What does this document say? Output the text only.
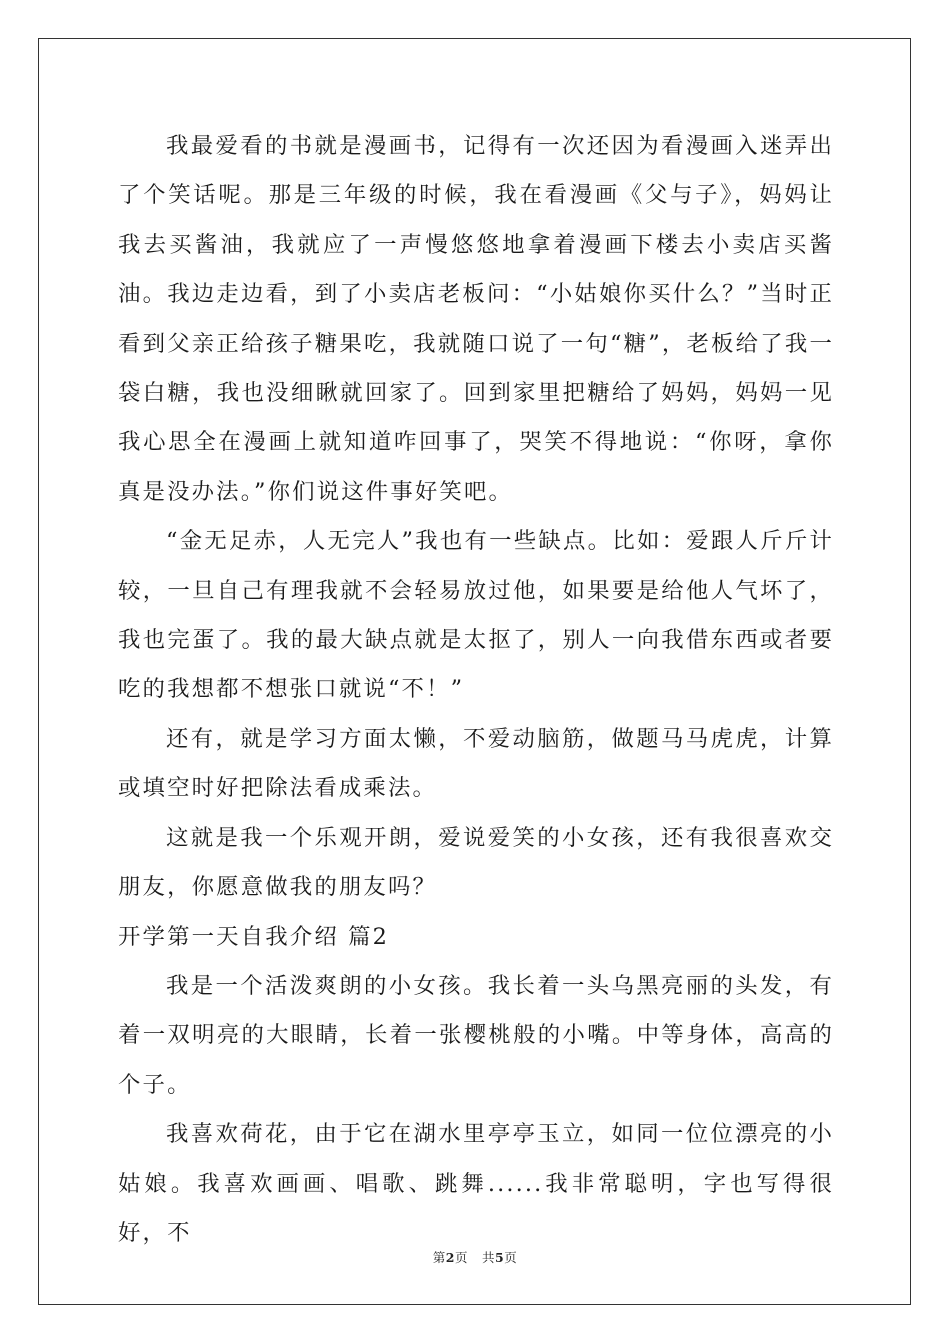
我最爱看的书就是漫画书，记得有一次还因为看漫画入迷弄出了个笑话呢。那是三年级的时候，我在看漫画《父与子》，妈妈让我去买酱油，我就应了一声慢悠悠地拿着漫画下楼去小卖店买酱油。我边走边看，到了小卖店老板问：“小姑娘你买什么？”当时正看到父亲正给孩子糖果吃，我就随口说了一句“糖”，老板给了我一袋白糖，我也没细瞅就回家了。回到家里把糖给了妈妈，妈妈一见我心思全在漫画上就知道咋回事了，哭笑不得地说：“你呀，拿你真是没办法。”你们说这件事好笑吧。

“金无足赤，人无完人”我也有一些缺点。比如：爱跟人斤斤计较，一旦自己有理我就不会轻易放过他，如果要是给他人气坏了，我也完蛋了。我的最大缺点就是太抠了，别人一向我借东西或者要吃的我想都不想张口就说“不！”

还有，就是学习方面太懒，不爱动脑筋，做题马马虎虎，计算或填空时好把除法看成乘法。

这就是我一个乐观开朗，爱说爱笑的小女孩，还有我很喜欢交朋友，你愿意做我的朋友吗？

开学第一天自我介绍 篇2

我是一个活泼爽朗的小女孩。我长着一头乌黑亮丽的头发，有着一双明亮的大眼睛，长着一张樱桃般的小嘴。中等身体，高高的个子。

我喜欢荷花，由于它在湖水里亭亭玉立，如同一位位漂亮的小姑娘。我喜欢画画、唱歌、跳舞......我非常聪明，字也写得很好，不

第2页 共5页
